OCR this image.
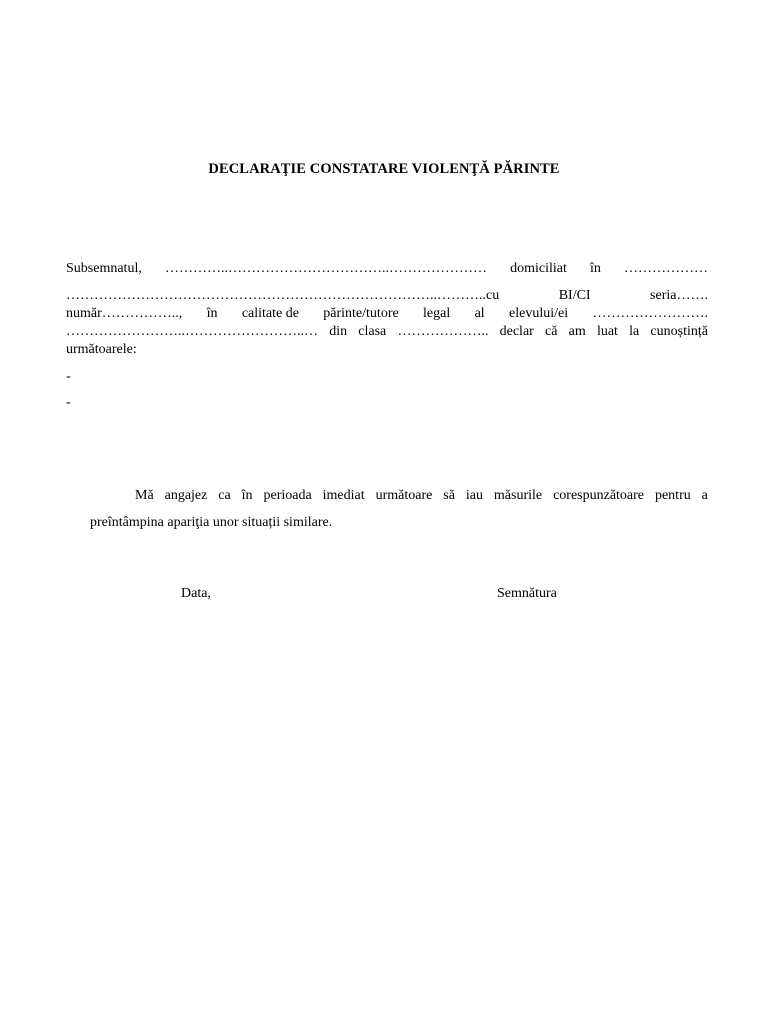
DECLARAŢIE CONSTATARE VIOLENŢĂ PĂRINTE
Subsemnatul, …………..……………………………..………………… domiciliat în ………………
……………………………………………………………………..………..cu	BI/CI	seria…….
număr…………….., în calitate de părinte/tutore legal al elevului/ei …………………….
……………………..……………………..… din clasa ……………….. declar că am luat la cunoștință
următoarele:
-
-
Mă angajez ca în perioada imediat următoare să iau măsurile corespunzătoare pentru a
preîntâmpina apariţia unor situații similare.
Data,	Semnătura
